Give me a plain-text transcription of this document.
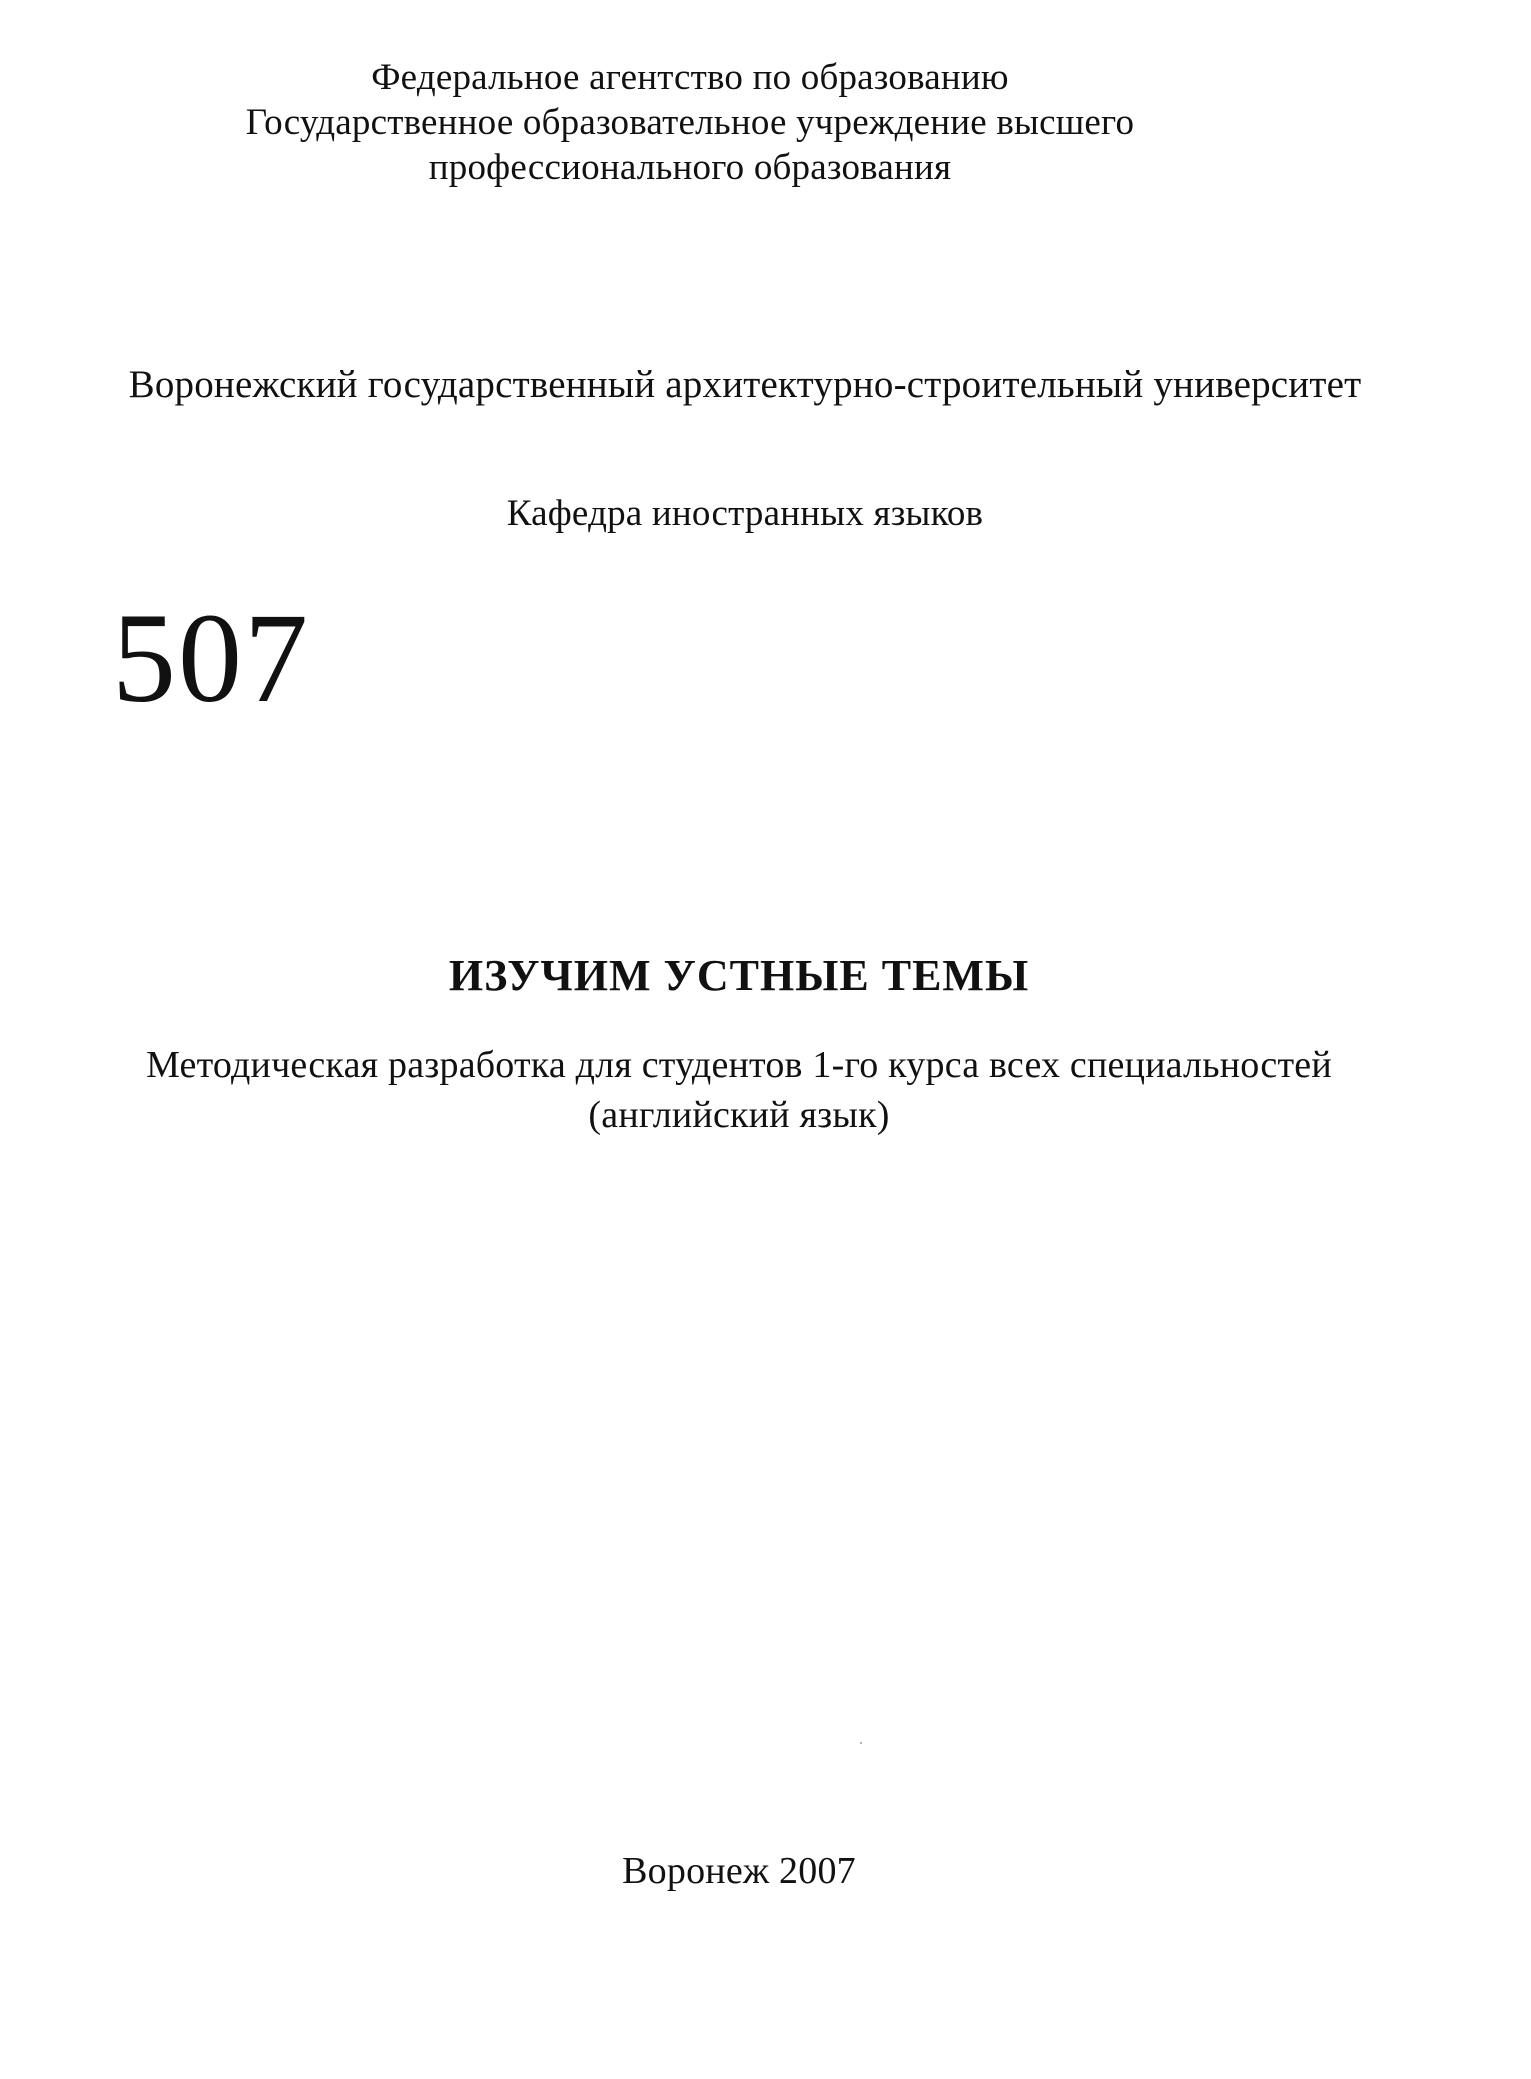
Федеральное агентство по образованию
Государственное образовательное учреждение высшего
профессионального образования
Воронежский государственный архитектурно-строительный университет
Кафедра иностранных языков
507
ИЗУЧИМ УСТНЫЕ ТЕМЫ
Методическая разработка для студентов 1-го курса всех специальностей
(английский язык)
Воронеж 2007
